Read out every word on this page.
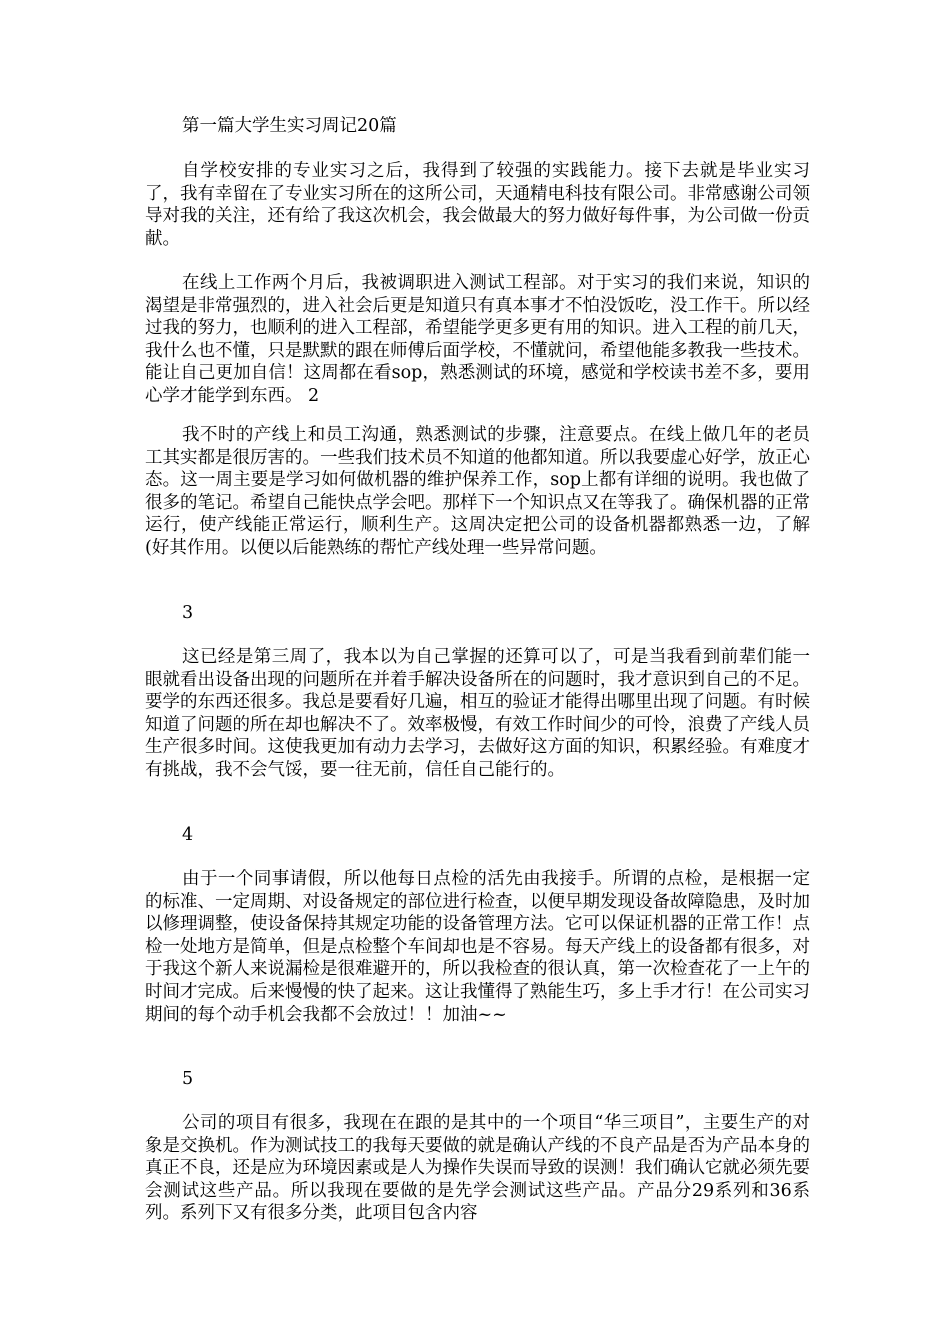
第一篇大学生实习周记20篇

自学校安排的专业实习之后，我得到了较强的实践能力。接下去就是毕业实习了，我有幸留在了专业实习所在的这所公司，天通精电科技有限公司。非常感谢公司领导对我的关注，还有给了我这次机会，我会做最大的努力做好每件事，为公司做一份贡献。

在线上工作两个月后，我被调职进入测试工程部。对于实习的我们来说，知识的渴望是非常强烈的，进入社会后更是知道只有真本事才不怕没饭吃，没工作干。所以经过我的努力，也顺利的进入工程部，希望能学更多更有用的知识。进入工程的前几天，我什么也不懂，只是默默的跟在师傅后面学校，不懂就问，希望他能多教我一些技术。能让自己更加自信！这周都在看sop，熟悉测试的环境，感觉和学校读书差不多，要用心学才能学到东西。 2

我不时的产线上和员工沟通，熟悉测试的步骤，注意要点。在线上做几年的老员工其实都是很厉害的。一些我们技术员不知道的他都知道。所以我要虚心好学，放正心态。这一周主要是学习如何做机器的维护保养工作，sop上都有详细的说明。我也做了很多的笔记。希望自己能快点学会吧。那样下一个知识点又在等我了。确保机器的正常运行，使产线能正常运行，顺利生产。这周决定把公司的设备机器都熟悉一边，了解(好其作用。以便以后能熟练的帮忙产线处理一些异常问题。

3

这已经是第三周了，我本以为自己掌握的还算可以了，可是当我看到前辈们能一眼就看出设备出现的问题所在并着手解决设备所在的问题时，我才意识到自己的不足。要学的东西还很多。我总是要看好几遍，相互的验证才能得出哪里出现了问题。有时候知道了问题的所在却也解决不了。效率极慢，有效工作时间少的可怜，浪费了产线人员生产很多时间。这使我更加有动力去学习，去做好这方面的知识，积累经验。有难度才有挑战，我不会气馁，要一往无前，信任自己能行的。

4

由于一个同事请假，所以他每日点检的活先由我接手。所谓的点检，是根据一定的标准、一定周期、对设备规定的部位进行检查，以便早期发现设备故障隐患，及时加以修理调整，使设备保持其规定功能的设备管理方法。它可以保证机器的正常工作！点检一处地方是简单，但是点检整个车间却也是不容易。每天产线上的设备都有很多，对于我这个新人来说漏检是很难避开的，所以我检查的很认真，第一次检查花了一上午的时间才完成。后来慢慢的快了起来。这让我懂得了熟能生巧，多上手才行！在公司实习期间的每个动手机会我都不会放过！！加油~~

5

公司的项目有很多，我现在在跟的是其中的一个项目“华三项目”，主要生产的对象是交换机。作为测试技工的我每天要做的就是确认产线的不良产品是否为产品本身的真正不良，还是应为环境因素或是人为操作失误而导致的误测！我们确认它就必须先要会测试这些产品。所以我现在要做的是先学会测试这些产品。产品分29系列和36系列。系列下又有很多分类，此项目包含内容
